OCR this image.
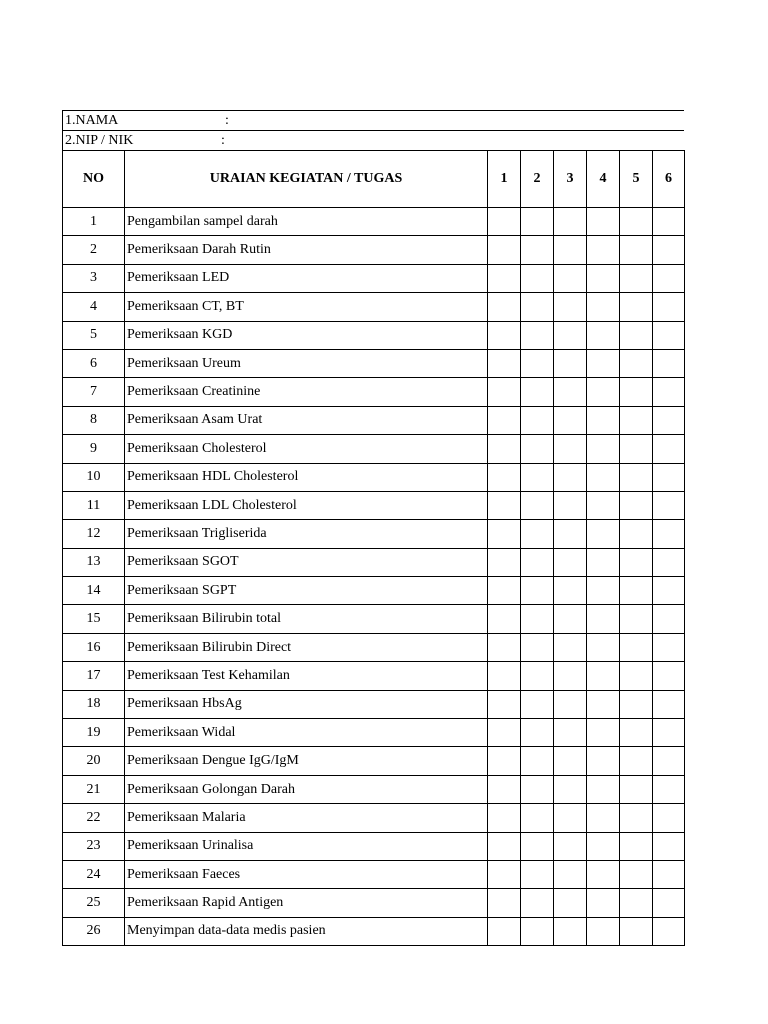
1.NAMA	:
2.NIP / NIK	:
NO	URAIAN KEGIATAN / TUGAS	1	2	3	4	5	6
1	Pengambilan sampel darah						
2	Pemeriksaan Darah Rutin						
3	Pemeriksaan LED						
4	Pemeriksaan CT, BT						
5	Pemeriksaan KGD						
6	Pemeriksaan Ureum						
7	Pemeriksaan Creatinine						
8	Pemeriksaan Asam Urat						
9	Pemeriksaan Cholesterol						
10	Pemeriksaan HDL Cholesterol						
11	Pemeriksaan LDL Cholesterol						
12	Pemeriksaan Trigliserida						
13	Pemeriksaan SGOT						
14	Pemeriksaan SGPT						
15	Pemeriksaan Bilirubin total						
16	Pemeriksaan Bilirubin Direct						
17	Pemeriksaan Test Kehamilan						
18	Pemeriksaan HbsAg						
19	Pemeriksaan Widal						
20	Pemeriksaan Dengue IgG/IgM						
21	Pemeriksaan Golongan Darah						
22	Pemeriksaan Malaria						
23	Pemeriksaan Urinalisa						
24	Pemeriksaan Faeces						
25	Pemeriksaan Rapid Antigen						
26	Menyimpan data-data medis pasien						
